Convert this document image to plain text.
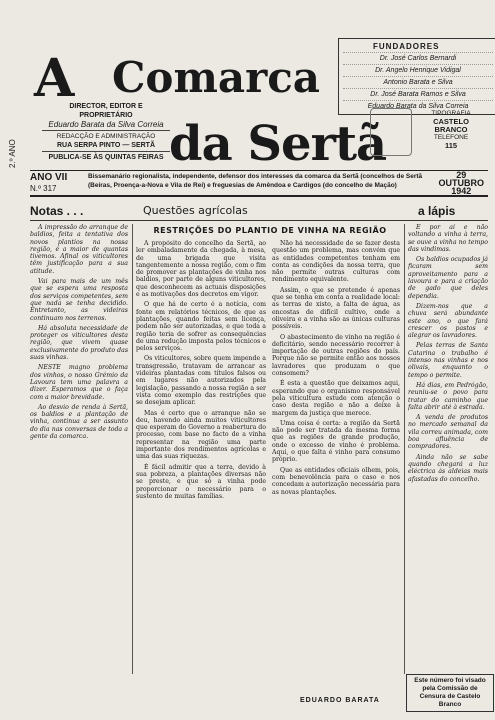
A Comarca
da Sertã
2.º ANO
FUNDADORES
Dr. José Carlos Bernardi
Dr. Angelo Henrique Vidigal
Antonio Barata e Silva
Dr. José Barata Ramos e Silva
Eduardo Barata da Silva Correia
DIRECTOR, EDITOR E PROPRIETÁRIO
Eduardo Barata da Silva Correia
REDACÇÃO E ADMINISTRAÇÃO
RUA SERPA PINTO — SERTÃ
PUBLICA-SE ÀS QUINTAS FEIRAS
TIPOGRAFIA
CASTELO
BRANCO
TELEFONE
115
ANO VII
N.º 317
Bissemanário regionalista, independente, defensor dos interesses da comarca da Sertã (concelhos de Sertã (Beiras, Proença-a-Nova e Vila de Rei) e freguesias de Amêndoa e Cardigos (do concelho de Mação)
29
OUTUBRO
1942
Notas . . .	Questões agrícolas	a lápis

A impressão do arranque de baldios, feita a tentativa dos novos plantios na nossa região, é a maior de quantas tivemos. Afinal os viticultores têm justificação para a sua atitude.

Vai para mais de um mês que se espera uma resposta dos serviços competentes, sem que nada se tenha decidido. Entretanto, as videiras continuam nos terrenos.

Há absoluta necessidade de proteger os viticultores desta região, que vivem quase exclusivamente do produto das suas vinhas.

NESTE magno problema dos vinhos, o nosso Grémio da Lavoura tem uma palavra a dizer. Esperamos que o faça com a maior brevidade.

Ao desvio de renda à Sertã, os baldios e a plantação de vinha, continua a ser assunto do dia nas conversas de toda a gente da comarca.

RESTRIÇÕES DO PLANTIO DE VINHA NA REGIÃO

A propósito do concelho da Sertã, ao ler embaladamente da chegada, à mesa, de uma brigada que visita tangentemente a nossa região, com o fim de promover as plantações de vinha nos baldios, por parte de alguns viticultores, que desconhecem as actuais disposições e as motivações dos decretos em vigor.

O que há de certo é a notícia, com fonte em relatórios técnicos, de que as plantações, quando feitas sem licença, podem não ser autorizadas, e que toda a região teria de sofrer as consequências de uma redução imposta pelos técnicos e pelos serviços.

Os viticultores, sobre quem impende a transgressão, tratavam de arrancar as videiras plantadas com títulos falsos ou em lugares não autorizados pela legislação, passando a nossa região a ser vista como exemplo das restrições que se desejam aplicar.

Mas é certo que o arranque não se deu, havendo ainda muitos viticultores que esperam do Governo a reabertura do processo, com base no facto de a vinha representar na região uma parte importante dos rendimentos agrícolas e uma das suas riquezas.

É fácil admitir que a terra, devido à sua pobreza, a plantações diversas não se preste, e que só a vinha pode proporcionar o necessário para o sustento de muitas famílias.

Não há necessidade de se fazer desta questão um problema, mas convém que as entidades competentes tenham em conta as condições da nossa terra, que não permite outras culturas com rendimento equivalente.

Assim, o que se pretende é apenas que se tenha em conta a realidade local: as terras de xisto, a falta de água, as encostas de difícil cultivo, onde a oliveira e a vinha são as únicas culturas possíveis.

O abastecimento de vinho na região é deficitário, sendo necessário recorrer à importação de outras regiões do país. Porque não se permite então aos nossos lavradores que produzam o que consomem?

É esta a questão que deixamos aqui, esperando que o organismo responsável pela viticultura estude com atenção o caso desta região e não a deixe à margem da justiça que merece.

Uma coisa é certa: a região da Sertã não pode ser tratada da mesma forma que as regiões de grande produção, onde o excesso de vinho é problema. Aqui, o que falta é vinho para consumo próprio.

Que as entidades oficiais olhem, pois, com benevolência para o caso e nos concedam a autorização necessária para as novas plantações.

EDUARDO BARATA

É por aí e não voltando a vinha à terra, se ouve a vinha no tempo das vindimas.

Os baldios ocupados já ficaram sem aproveitamento para a lavoura e para a criação de gado que deles dependia.

Dizem-nos que a chuva será abundante este ano, o que fará crescer os pastos e alegrar os lavradores.

Pelas terras de Santa Catarina o trabalho é intenso nas vinhas e nos olivais, enquanto o tempo o permite.

Há dias, em Pedrógão, reuniu-se o povo para tratar do caminho que falta abrir até à estrada.

A venda de produtos no mercado semanal da vila correu animada, com boa afluência de compradores.

Ainda não se sabe quando chegará a luz eléctrica às aldeias mais afastadas do concelho.

Este número foi visado pela Comissão de Censura de Castelo Branco
